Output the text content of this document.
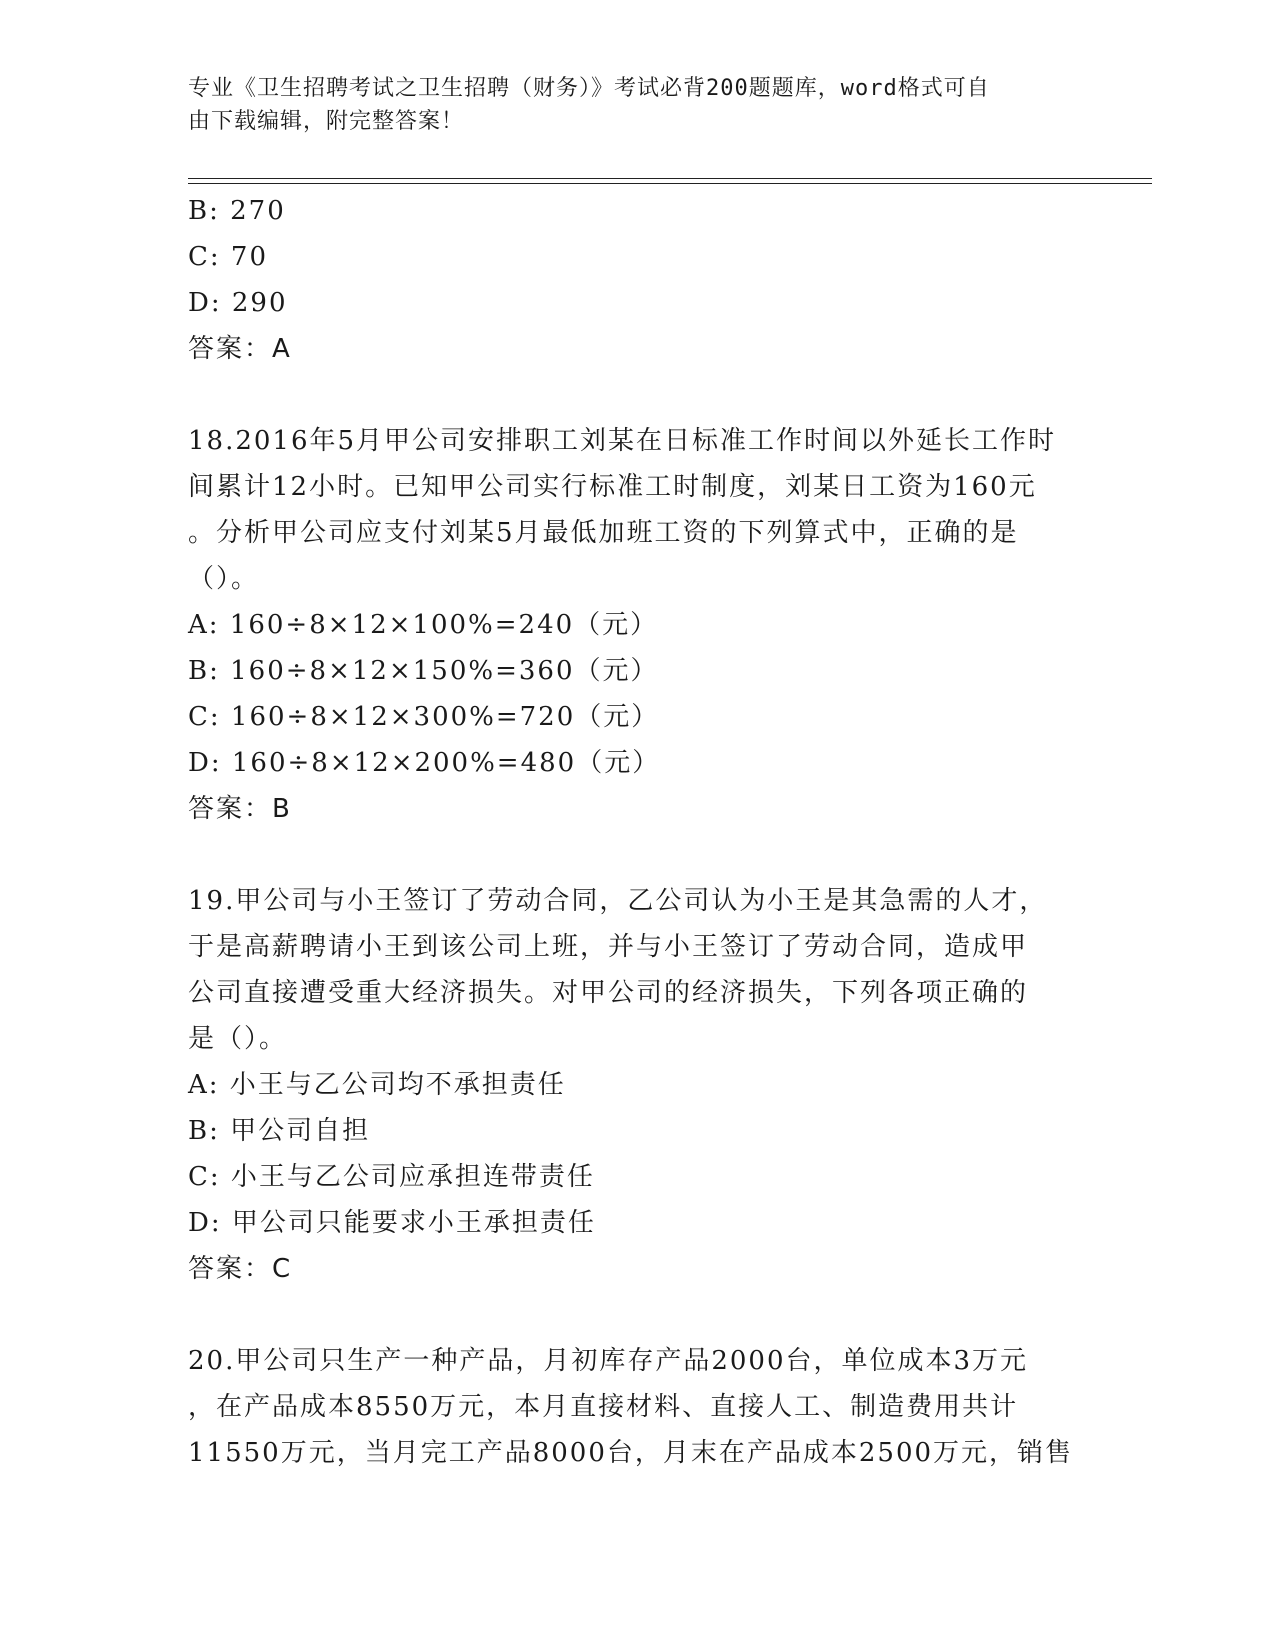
专业《卫生招聘考试之卫生招聘（财务）》考试必背200题题库，word格式可自
由下载编辑，附完整答案！
B: 270
C: 70
D: 290
答案：A
18.2016年5月甲公司安排职工刘某在日标准工作时间以外延长工作时
间累计12小时。已知甲公司实行标准工时制度，刘某日工资为160元
。分析甲公司应支付刘某5月最低加班工资的下列算式中，正确的是
（）。
A: 160÷8×12×100%=240（元）
B: 160÷8×12×150%=360（元）
C: 160÷8×12×300%=720（元）
D: 160÷8×12×200%=480（元）
答案：B
19.甲公司与小王签订了劳动合同，乙公司认为小王是其急需的人才，
于是高薪聘请小王到该公司上班，并与小王签订了劳动合同，造成甲
公司直接遭受重大经济损失。对甲公司的经济损失，下列各项正确的
是（）。
A: 小王与乙公司均不承担责任
B: 甲公司自担
C: 小王与乙公司应承担连带责任
D: 甲公司只能要求小王承担责任
答案：C
20.甲公司只生产一种产品，月初库存产品2000台，单位成本3万元
，在产品成本8550万元，本月直接材料、直接人工、制造费用共计
11550万元，当月完工产品8000台，月末在产品成本2500万元，销售
